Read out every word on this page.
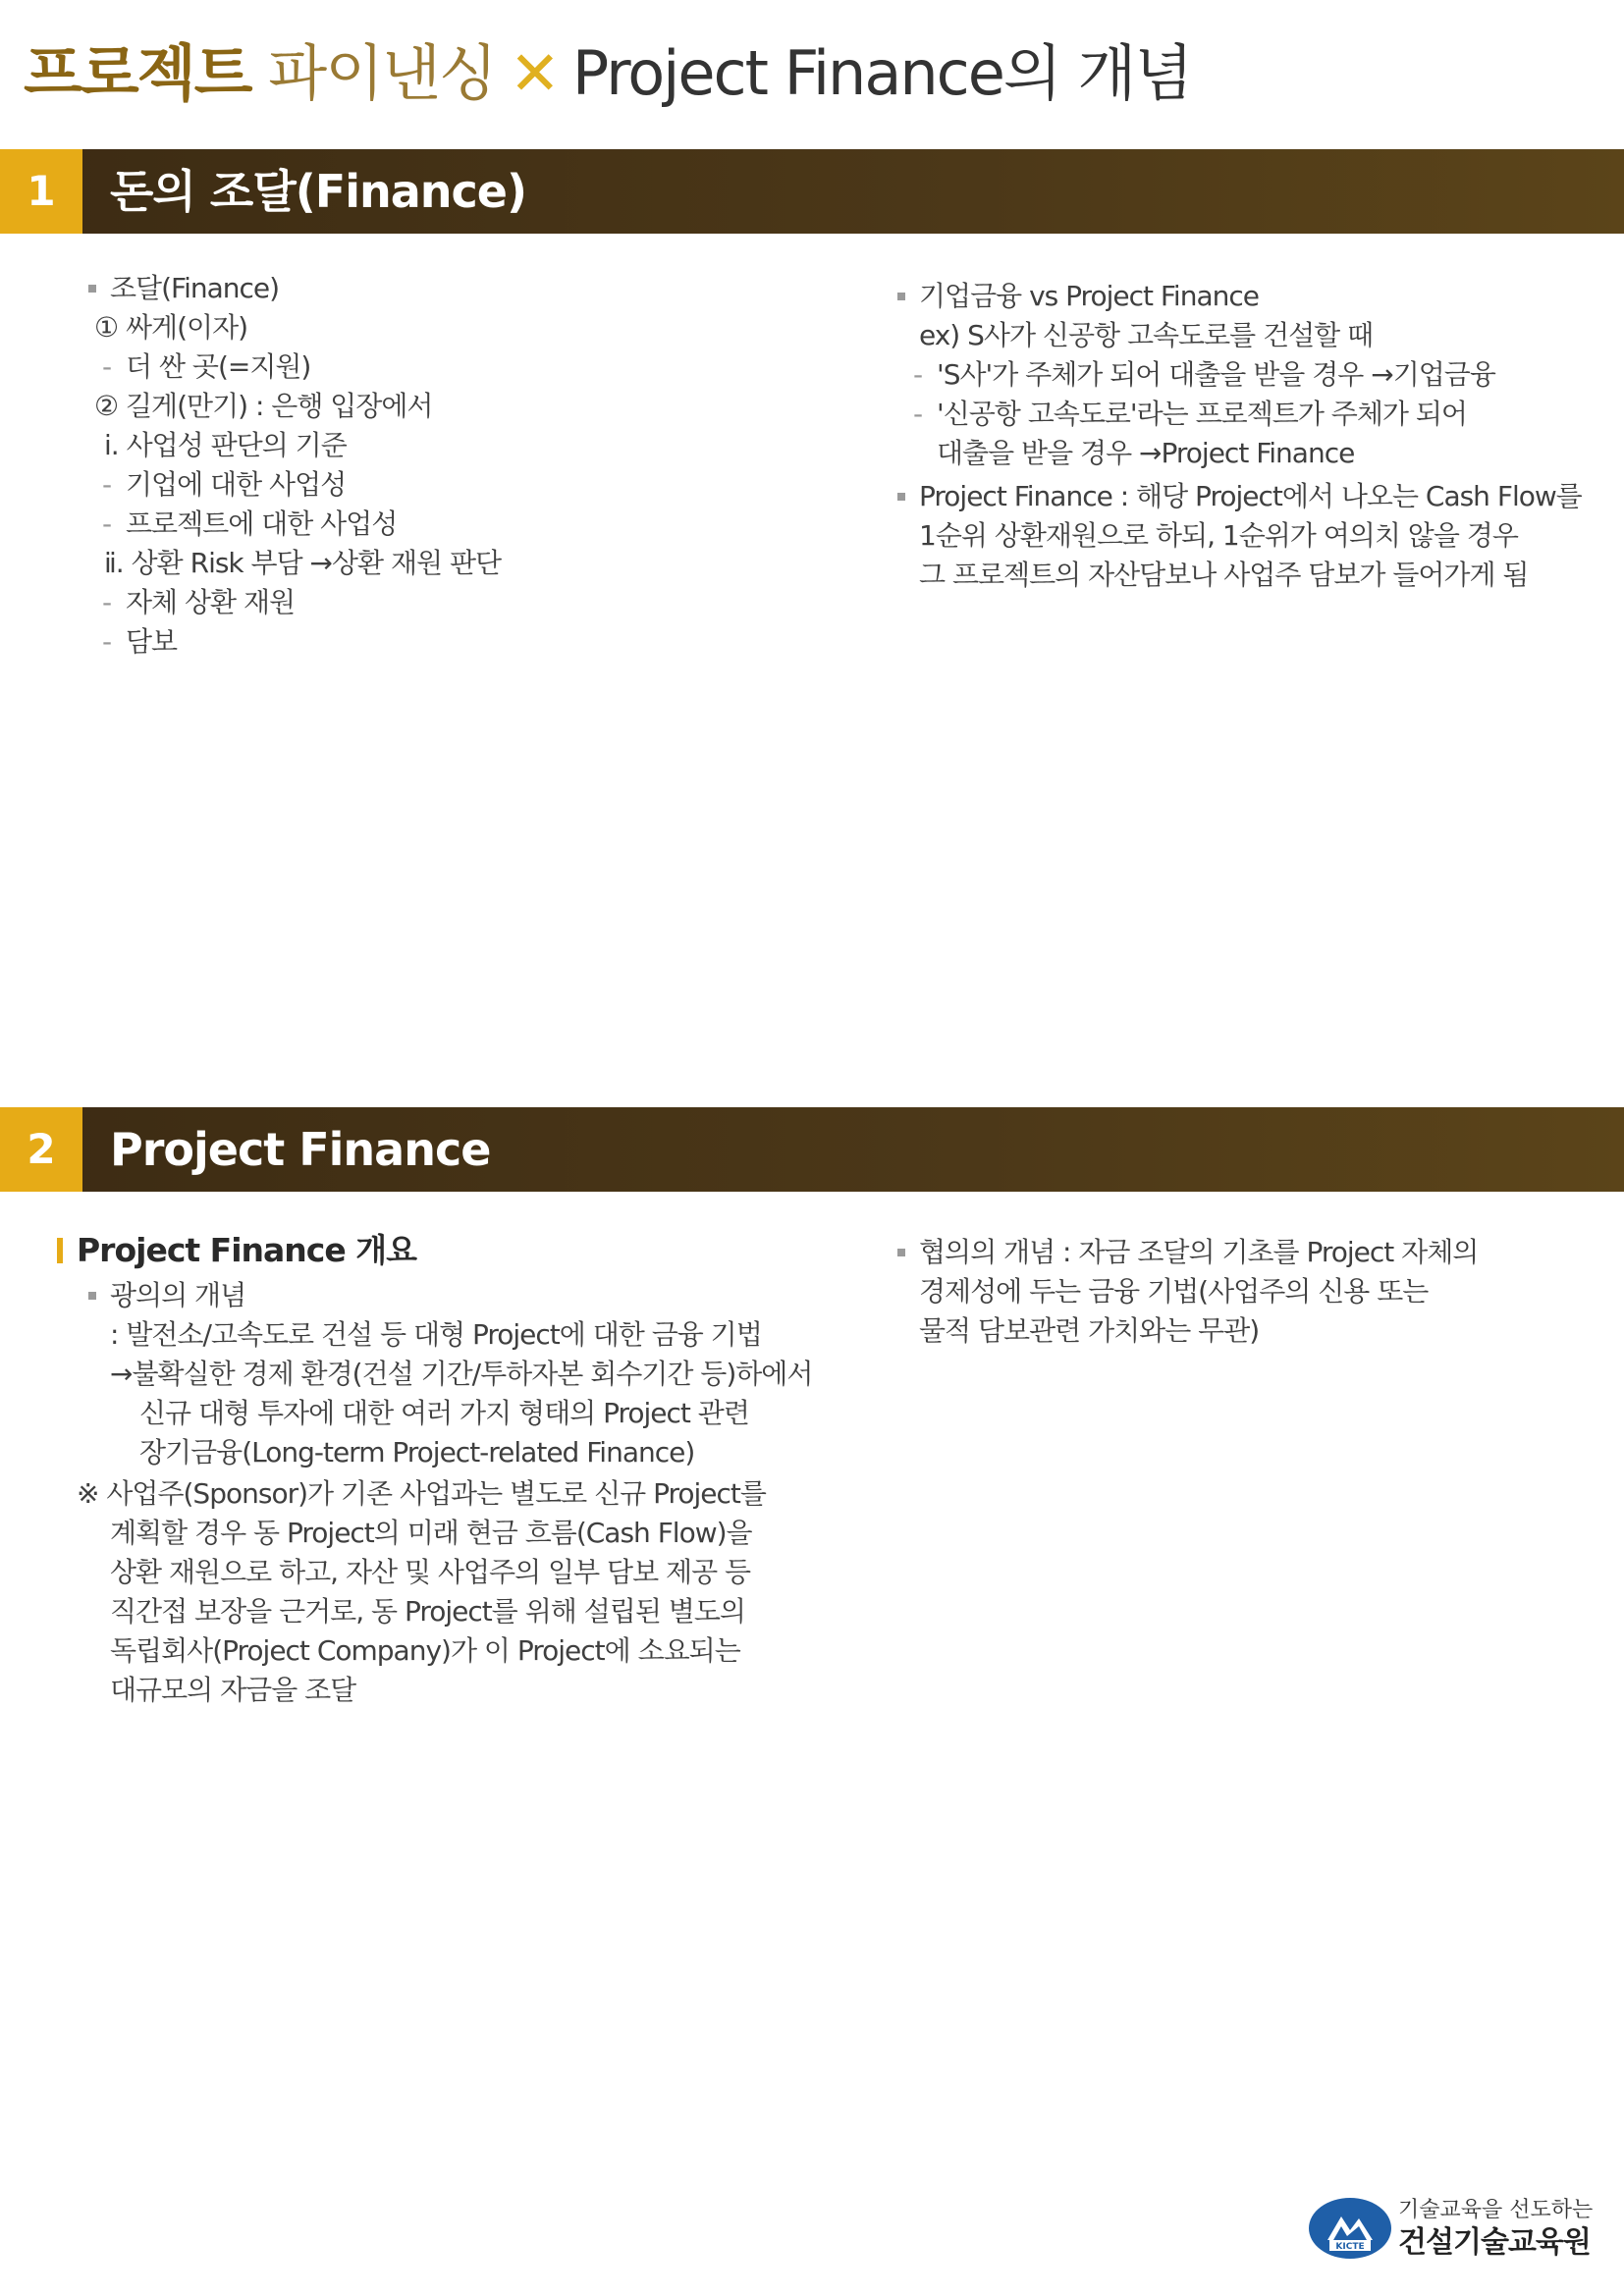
프로젝트 파이낸싱 ✕ Project Finance의 개념
1	돈의 조달(Finance)
조달(Finance)
① 싸게(이자)
- 더 싼 곳(=지원)
② 길게(만기) : 은행 입장에서
ⅰ. 사업성 판단의 기준
- 기업에 대한 사업성
- 프로젝트에 대한 사업성
ⅱ. 상환 Risk 부담 →상환 재원 판단
- 자체 상환 재원
- 담보
기업금융 vs Project Finance
ex) S사가 신공항 고속도로를 건설할 때
- 'S사'가 주체가 되어 대출을 받을 경우 →기업금융
- '신공항 고속도로'라는 프로젝트가 주체가 되어
대출을 받을 경우 →Project Finance
Project Finance : 해당 Project에서 나오는 Cash Flow를
1순위 상환재원으로 하되, 1순위가 여의치 않을 경우
그 프로젝트의 자산담보나 사업주 담보가 들어가게 됨
2	Project Finance
Project Finance 개요
광의의 개념
: 발전소/고속도로 건설 등 대형 Project에 대한 금융 기법
→불확실한 경제 환경(건설 기간/투하자본 회수기간 등)하에서
신규 대형 투자에 대한 여러 가지 형태의 Project 관련
장기금융(Long-term Project-related Finance)
※ 사업주(Sponsor)가 기존 사업과는 별도로 신규 Project를
계획할 경우 동 Project의 미래 현금 흐름(Cash Flow)을
상환 재원으로 하고, 자산 및 사업주의 일부 담보 제공 등
직간접 보장을 근거로, 동 Project를 위해 설립된 별도의
독립회사(Project Company)가 이 Project에 소요되는
대규모의 자금을 조달
협의의 개념 : 자금 조달의 기초를 Project 자체의
경제성에 두는 금융 기법(사업주의 신용 또는
물적 담보관련 가치와는 무관)
KICTE
기술교육을 선도하는
건설기술교육원
